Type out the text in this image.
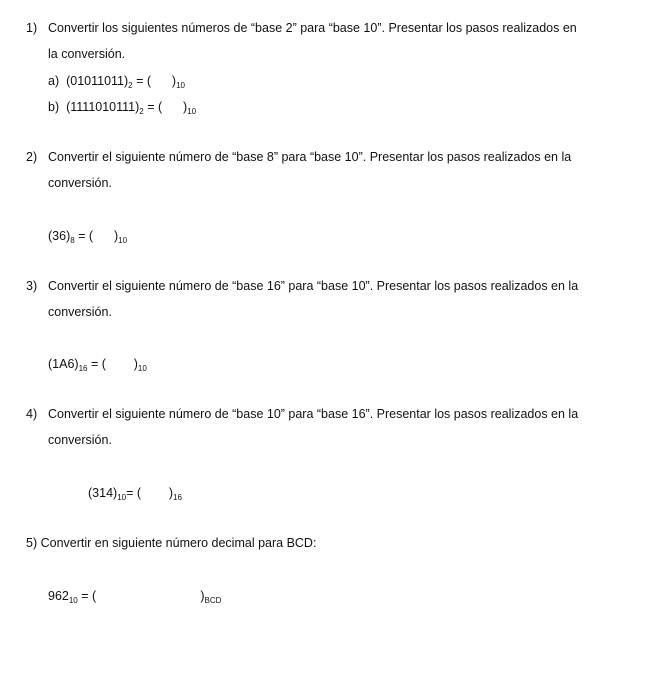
1) Convertir los siguientes números de “base 2” para “base 10”. Presentar los pasos realizados en
la conversión.
a) $(01011011)_2$ = ( )$_{10}$
b) $(1111010111)_2$ = ( )$_{10}$
2) Convertir el siguiente número de “base 8” para “base 10”. Presentar los pasos realizados en la
conversión.
$(36)_8$ = ( )$_{10}$
3) Convertir el siguiente número de “base 16” para “base 10”. Presentar los pasos realizados en la
conversión.
$(1A6)_{16}$ = ( )$_{10}$
4) Convertir el siguiente número de “base 10” para “base 16”. Presentar los pasos realizados en la
conversión.
$(314)_{10}=$ ( )$_{16}$
5) Convertir en siguiente número decimal para BCD:
$962_{10}$ = (	)$_{BCD}$
